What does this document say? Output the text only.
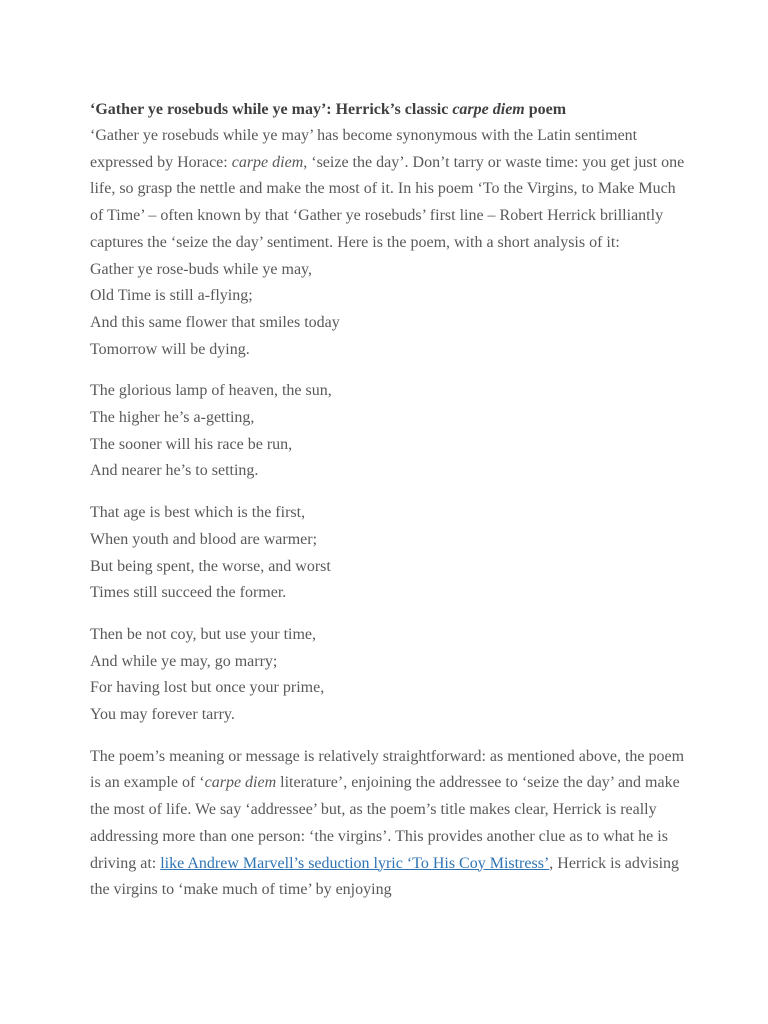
‘Gather ye rosebuds while ye may’: Herrick’s classic carpe diem poem

‘Gather ye rosebuds while ye may’ has become synonymous with the Latin sentiment expressed by Horace: carpe diem, ‘seize the day’. Don’t tarry or waste time: you get just one life, so grasp the nettle and make the most of it. In his poem ‘To the Virgins, to Make Much of Time’ – often known by that ‘Gather ye rosebuds’ first line – Robert Herrick brilliantly captures the ‘seize the day’ sentiment. Here is the poem, with a short analysis of it:

Gather ye rose-buds while ye may,
Old Time is still a-flying;
And this same flower that smiles today
Tomorrow will be dying.

The glorious lamp of heaven, the sun,
The higher he’s a-getting,
The sooner will his race be run,
And nearer he’s to setting.

That age is best which is the first,
When youth and blood are warmer;
But being spent, the worse, and worst
Times still succeed the former.

Then be not coy, but use your time,
And while ye may, go marry;
For having lost but once your prime,
You may forever tarry.

The poem’s meaning or message is relatively straightforward: as mentioned above, the poem is an example of ‘carpe diem literature’, enjoining the addressee to ‘seize the day’ and make the most of life. We say ‘addressee’ but, as the poem’s title makes clear, Herrick is really addressing more than one person: ‘the virgins’. This provides another clue as to what he is driving at: like Andrew Marvell’s seduction lyric ‘To His Coy Mistress’, Herrick is advising the virgins to ‘make much of time’ by enjoying
